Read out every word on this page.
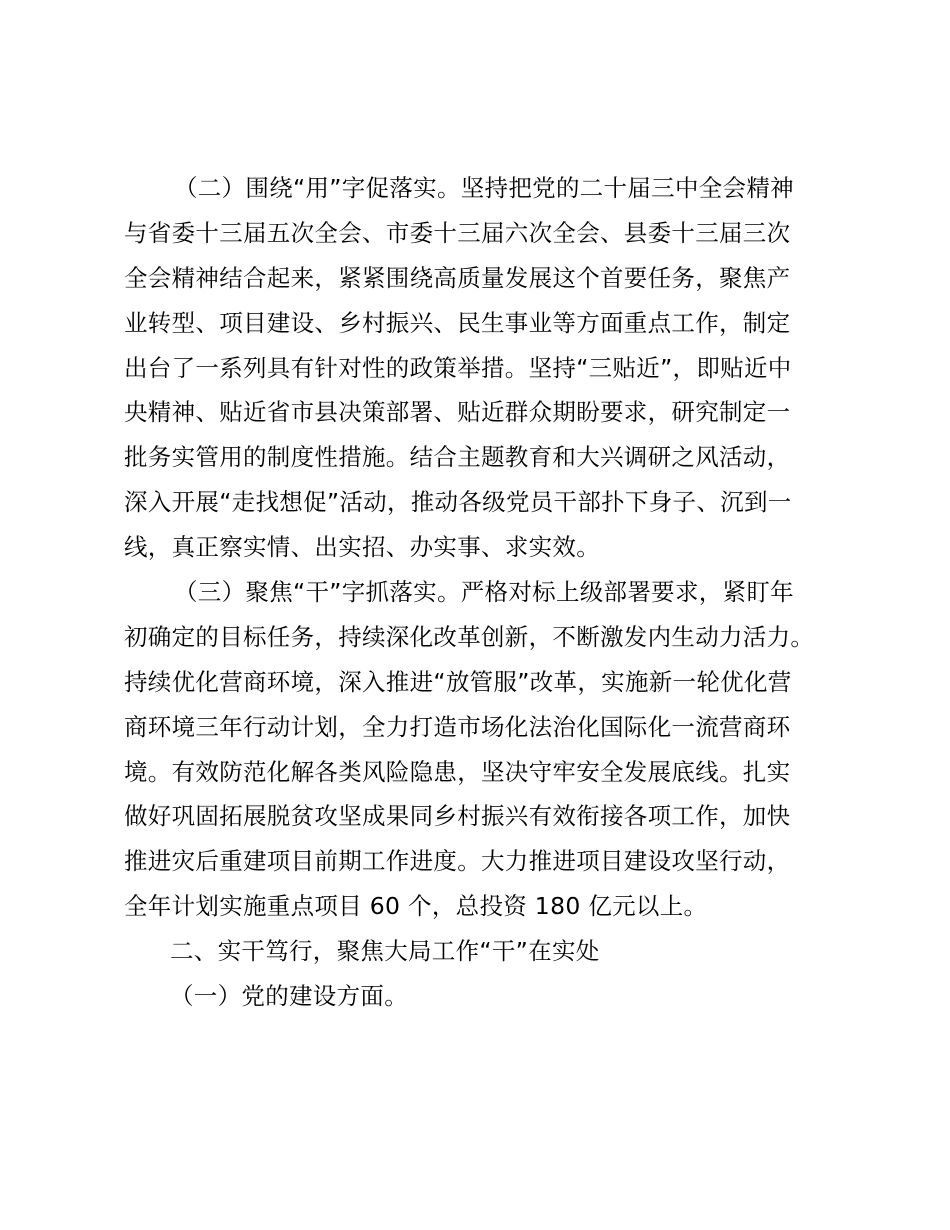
（二）围绕“用”字促落实。坚持把党的二十届三中全会精神
与省委十三届五次全会、市委十三届六次全会、县委十三届三次
全会精神结合起来，紧紧围绕高质量发展这个首要任务，聚焦产
业转型、项目建设、乡村振兴、民生事业等方面重点工作，制定
出台了一系列具有针对性的政策举措。坚持“三贴近”，即贴近中
央精神、贴近省市县决策部署、贴近群众期盼要求，研究制定一
批务实管用的制度性措施。结合主题教育和大兴调研之风活动，
深入开展“走找想促”活动，推动各级党员干部扑下身子、沉到一
线，真正察实情、出实招、办实事、求实效。
（三）聚焦“干”字抓落实。严格对标上级部署要求，紧盯年
初确定的目标任务，持续深化改革创新，不断激发内生动力活力。
持续优化营商环境，深入推进“放管服”改革，实施新一轮优化营
商环境三年行动计划，全力打造市场化法治化国际化一流营商环
境。有效防范化解各类风险隐患，坚决守牢安全发展底线。扎实
做好巩固拓展脱贫攻坚成果同乡村振兴有效衔接各项工作，加快
推进灾后重建项目前期工作进度。大力推进项目建设攻坚行动，
全年计划实施重点项目 60 个，总投资 180 亿元以上。
二、实干笃行，聚焦大局工作“干”在实处
（一）党的建设方面。
